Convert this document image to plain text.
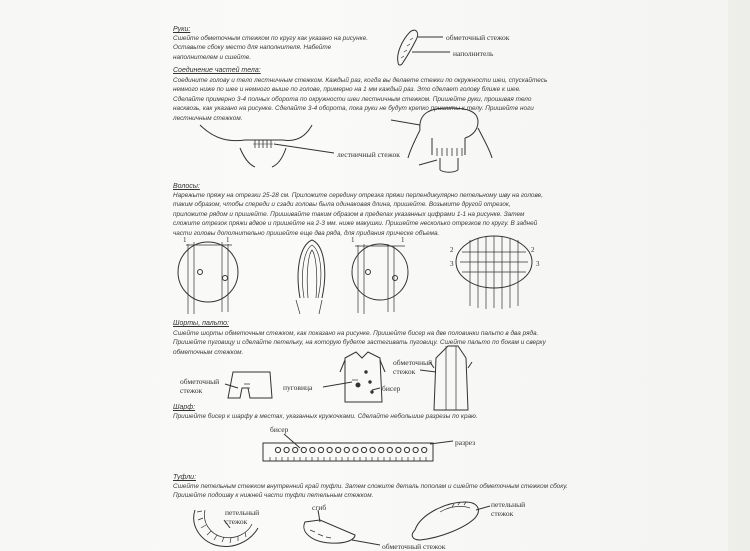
Руки:
Сшейте обметочным стежком по кругу как указано на рисунке. Оставьте сбоку место для наполнителя. Набейте наполнителем и сшейте.
обметочный стежок
наполнитель
Соединение частей тела:
Соедините голову и тело лестничным стежком. Каждый раз, когда вы делаете стежки по окружности шеи, спускайтесь немного ниже по шее и немного выше по голове, примерно на 1 мм каждый раз. Это сделает голову ближе к шее. Сделайте примерно 3-4 полных оборота по окружности шеи лестничным стежком. Пришейте руки, прошивая тело насквозь, как указано на рисунке. Сделайте 3-4 оборота, пока руки не будут крепко пришиты к телу. Пришейте ноги лестничным стежком.
лестничный стежок
Волосы:
Нарежьте пряжу на отрезки 25-28 см. Приложите середину отрезка пряжи перпендикулярно петельному шву на голове, таким образом, чтобы спереди и сзади головы была одинаковая длина, пришейте. Возьмите другой отрезок, приложите рядом и пришейте. Пришивайте таким образом в пределах указанных цифрами 1-1 на рисунке. Затем сложите отрезок пряжи вдвое и пришейте на 2-3 мм. ниже макушки. Пришейте несколько отрезков по кругу. В задней части головы дополнительно пришейте еще два ряда, для придания прическе объема.
1	1	1	1
2	2
3	3
Шорты, пальто:
Сшейте шорты обметочным стежком, как показано на рисунке. Пришейте бисер на две половинки пальто в два ряда. Пришейте пуговицу и сделайте петельку, на которую будете застегивать пуговицу. Сшейте пальто по бокам и сверху обметочным стежком.
обметочный стежок	пуговица	бисер
обметочный стежок
Шарф:
Пришейте бисер к шарфу в местах, указанных кружочками. Сделайте небольшие разрезы по краю.
бисер
разрез
Туфли:
Сшейте петельным стежком внутренний край туфли. Затем сложите деталь пополам и сшейте обметочным стежком сбоку. Пришейте подошву к нижней части туфли петельным стежком.
петельный стежок
сгиб
обметочный стежок
петельный стежок
